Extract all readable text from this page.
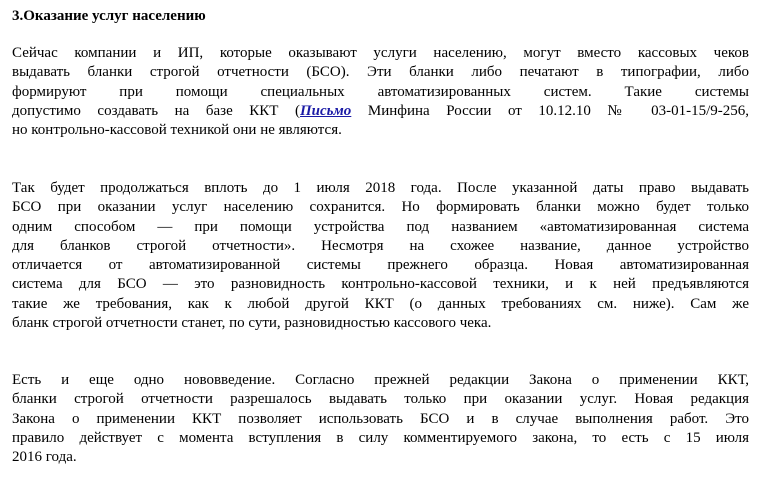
3.Оказание услуг населению
Сейчас компании и ИП, которые оказывают услуги населению, могут вместо кассовых чеков
выдавать бланки строгой отчетности (БСО). Эти бланки либо печатают в типографии, либо
формируют при помощи специальных автоматизированных систем. Такие системы
допустимо создавать на базе ККТ (Письмо Минфина России от 10.12.10 № 03-01-15/9-256,
но контрольно-кассовой техникой они не являются.
Так будет продолжаться вплоть до 1 июля 2018 года. После указанной даты право выдавать
БСО при оказании услуг населению сохранится. Но формировать бланки можно будет только
одним способом — при помощи устройства под названием «автоматизированная система
для бланков строгой отчетности». Несмотря на схожее название, данное устройство
отличается от автоматизированной системы прежнего образца. Новая автоматизированная
система для БСО — это разновидность контрольно-кассовой техники, и к ней предъявляются
такие же требования, как к любой другой ККТ (о данных требованиях см. ниже). Сам же
бланк строгой отчетности станет, по сути, разновидностью кассового чека.
Есть и еще одно нововведение. Согласно прежней редакции Закона о применении ККТ,
бланки строгой отчетности разрешалось выдавать только при оказании услуг. Новая редакция
Закона о применении ККТ позволяет использовать БСО и в случае выполнения работ. Это
правило действует с момента вступления в силу комментируемого закона, то есть с 15 июля
2016 года.
